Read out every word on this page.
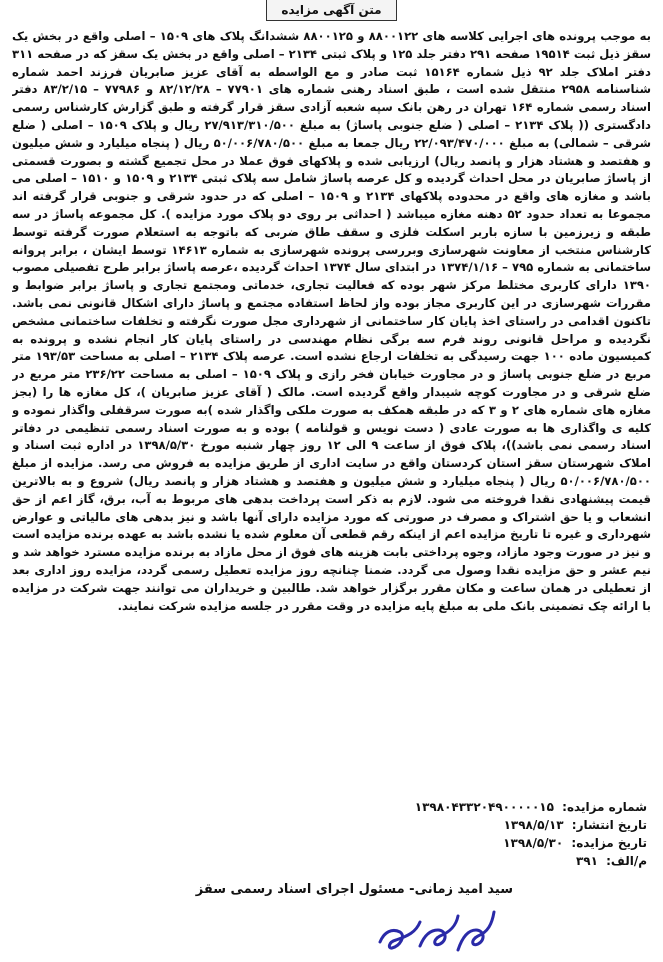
متن آگهی مزایده

به موجب پرونده های اجرایی کلاسه های ۸۸۰۰۱۲۲ و ۸۸۰۰۱۲۵ ششدانگ پلاک های ۱۵۰۹ – اصلی واقع در بخش یک سقز ذیل ثبت ۱۹۵۱۴ صفحه ۲۹۱ دفتر جلد ۱۲۵ و پلاک ثبتی ۲۱۳۴ – اصلی واقع در بخش یک سقز که در صفحه ۳۱۱ دفتر املاک جلد ۹۲ ذیل شماره ۱۵۱۶۴ ثبت صادر و مع الواسطه به آقای عزیز صابریان فرزند احمد شماره شناسنامه ۲۹۵۸ منتقل شده است ، طبق اسناد رهنی شماره های ۷۷۹۰۱ – ۸۲/۱۲/۲۸ و ۷۷۹۸۶ – ۸۳/۲/۱۵ دفتر اسناد رسمی شماره ۱۶۴ تهران در رهن بانک سپه شعبه آزادی سقز قرار گرفته و طبق گزارش کارشناس رسمی دادگستری (( پلاک ۲۱۳۴ – اصلی ( ضلع جنوبی پاساژ) به مبلغ ۲۷/۹۱۳/۳۱۰/۵۰۰ ریال و پلاک ۱۵۰۹ – اصلی ( ضلع شرقی – شمالی) به مبلغ ۲۲/۰۹۳/۴۷۰/۰۰۰ ریال جمعا به مبلغ ۵۰/۰۰۶/۷۸۰/۵۰۰ ریال ( پنجاه میلیارد و شش میلیون و هفتصد و هشتاد هزار و پانصد ریال) ارزیابی شده و پلاکهای فوق عملا در محل تجمیع گشته و بصورت قسمتی از پاساژ صابریان در محل احداث گردیده و کل عرصه پاساژ شامل سه پلاک ثبتی ۲۱۳۴ و ۱۵۰۹ و ۱۵۱۰ – اصلی می باشد و مغازه های واقع در محدوده پلاکهای ۲۱۳۴ و ۱۵۰۹ – اصلی که در حدود شرقی و جنوبی قرار گرفته اند مجموعا به تعداد حدود ۵۲ دهنه مغازه میباشد ( احداثی بر روی دو پلاک مورد مزایده ). کل مجموعه پاساژ در سه طبقه و زیرزمین با سازه باربر اسکلت فلزی و سقف طاق ضربی که باتوجه به استعلام صورت گرفته توسط کارشناس منتخب از معاونت شهرسازی وبررسی پرونده شهرسازی به شماره ۱۴۶۱۳ توسط ایشان ، برابر پروانه ساختمانی به شماره ۷۹۵ – ۱۳۷۴/۱/۱۶ در ابتدای سال ۱۳۷۴ احداث گردیده ،عرصه پاساژ برابر طرح تفصیلی مصوب ۱۳۹۰ دارای کاربری مختلط مرکز شهر بوده که فعالیت تجاری، خدماتی ومجتمع تجاری و پاساژ برابر ضوابط و مقررات شهرسازی در این کاربری مجاز بوده واز لحاظ استفاده مجتمع و پاساژ دارای اشکال قانونی نمی باشد. تاکنون اقدامی در راستای اخذ پایان کار ساختمانی از شهرداری مجل صورت نگرفته و تخلفات ساختمانی مشخص نگردیده و مراحل قانونی روند فرم سه برگی نظام مهندسی در راستای پایان کار انجام نشده و پرونده به کمیسیون ماده ۱۰۰ جهت رسیدگی به تخلفات ارجاع نشده است. عرصه پلاک ۲۱۳۴ – اصلی به مساحت ۱۹۳/۵۳ متر مربع در ضلع جنوبی پاساژ و در مجاورت خیابان فخر رازی و پلاک ۱۵۰۹ – اصلی به مساحت ۲۳۶/۲۲ متر مربع در ضلع شرقی و در مجاورت کوچه شیبدار واقع گردیده است. مالک ( آقای عزیز صابریان )، کل مغازه ها را (بجز مغازه های شماره های ۲ و ۳ که در طبقه همکف به صورت ملکی واگذار شده )به صورت سرقفلی واگذار نموده و کلیه ی واگذاری ها به صورت عادی ( دست نویس و قولنامه ) بوده و به صورت اسناد رسمی تنظیمی در دفاتر اسناد رسمی نمی باشد))، پلاک فوق از ساعت ۹ الی ۱۲ روز چهار شنبه مورخ ۱۳۹۸/۵/۳۰ در اداره ثبت اسناد و املاک شهرستان سقز استان کردستان واقع در سایت اداری از طریق مزایده به فروش می رسد. مزایده از مبلغ ۵۰/۰۰۶/۷۸۰/۵۰۰ ریال ( پنجاه میلیارد و شش میلیون و هفتصد و هشتاد هزار و پانصد ریال) شروع و به بالاترین قیمت پیشنهادی نقدا فروخته می شود. لازم به ذکر است پرداخت بدهی های مربوط به آب، برق، گاز اعم از حق انشعاب و یا حق اشتراک و مصرف در صورتی که مورد مزایده دارای آنها باشد و نیز بدهی های مالیاتی و عوارض شهرداری و غیره تا تاریخ مزایده اعم از اینکه رقم قطعی آن معلوم شده یا نشده باشد به عهده برنده مزایده است و نیز در صورت وجود مازاد، وجوه پرداختی بابت هزینه های فوق از محل مازاد به برنده مزایده مسترد خواهد شد و نیم عشر و حق مزایده نقدا وصول می گردد. ضمنا چنانچه روز مزایده تعطیل رسمی گردد، مزایده روز اداری بعد از تعطیلی در همان ساعت و مکان مقرر برگزار خواهد شد. طالبین و خریداران می توانند جهت شرکت در مزایده با ارائه چک تضمینی بانک ملی به مبلغ پایه مزایده در وقت مقرر در جلسه مزایده شرکت نمایند.

شماره مزایده: ۱۳۹۸۰۴۳۳۲۰۴۹۰۰۰۰۰۱۵
تاریخ انتشار: ۱۳۹۸/۵/۱۳
تاریخ مزایده: ۱۳۹۸/۵/۳۰
م/الف: ۳۹۱
سید امید زمانی- مسئول اجرای اسناد رسمی سقز
